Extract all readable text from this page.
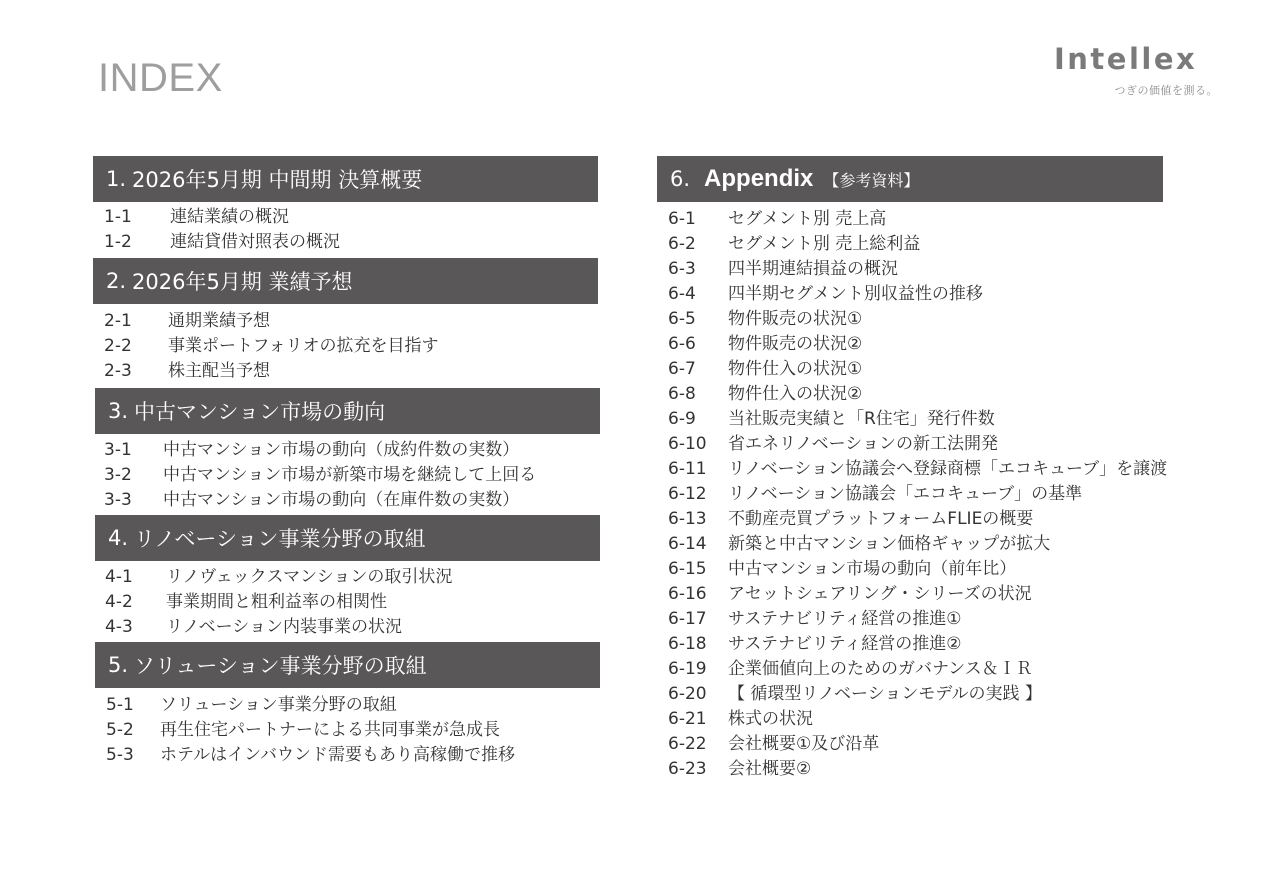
INDEX	Intellex
つぎの価値を測る。
1. 2026年5月期 中間期 決算概要
1-1	連結業績の概況
1-2	連結貸借対照表の概況
2. 2026年5月期 業績予想
2-1	通期業績予想
2-2	事業ポートフォリオの拡充を目指す
2-3	株主配当予想
3. 中古マンション市場の動向
3-1	中古マンション市場の動向（成約件数の実数）
3-2	中古マンション市場が新築市場を継続して上回る
3-3	中古マンション市場の動向（在庫件数の実数）
4. リノベーション事業分野の取組
4-1	リノヴェックスマンションの取引状況
4-2	事業期間と粗利益率の相関性
4-3	リノベーション内装事業の状況
5. ソリューション事業分野の取組
5-1	ソリューション事業分野の取組
5-2	再生住宅パートナーによる共同事業が急成長
5-3	ホテルはインバウンド需要もあり高稼働で推移
6. Appendix 【参考資料】
6-1	セグメント別 売上高
6-2	セグメント別 売上総利益
6-3	四半期連結損益の概況
6-4	四半期セグメント別収益性の推移
6-5	物件販売の状況①
6-6	物件販売の状況②
6-7	物件仕入の状況①
6-8	物件仕入の状況②
6-9	当社販売実績と「R住宅」発行件数
6-10	省エネリノベーションの新工法開発
6-11	リノベーション協議会へ登録商標「エコキューブ」を譲渡
6-12	リノベーション協議会「エコキューブ」の基準
6-13	不動産売買プラットフォームFLIEの概要
6-14	新築と中古マンション価格ギャップが拡大
6-15	中古マンション市場の動向（前年比）
6-16	アセットシェアリング・シリーズの状況
6-17	サステナビリティ経営の推進①
6-18	サステナビリティ経営の推進②
6-19	企業価値向上のためのガバナンス＆ＩＲ
6-20	【 循環型リノベーションモデルの実践 】
6-21	株式の状況
6-22	会社概要①及び沿革
6-23	会社概要②
